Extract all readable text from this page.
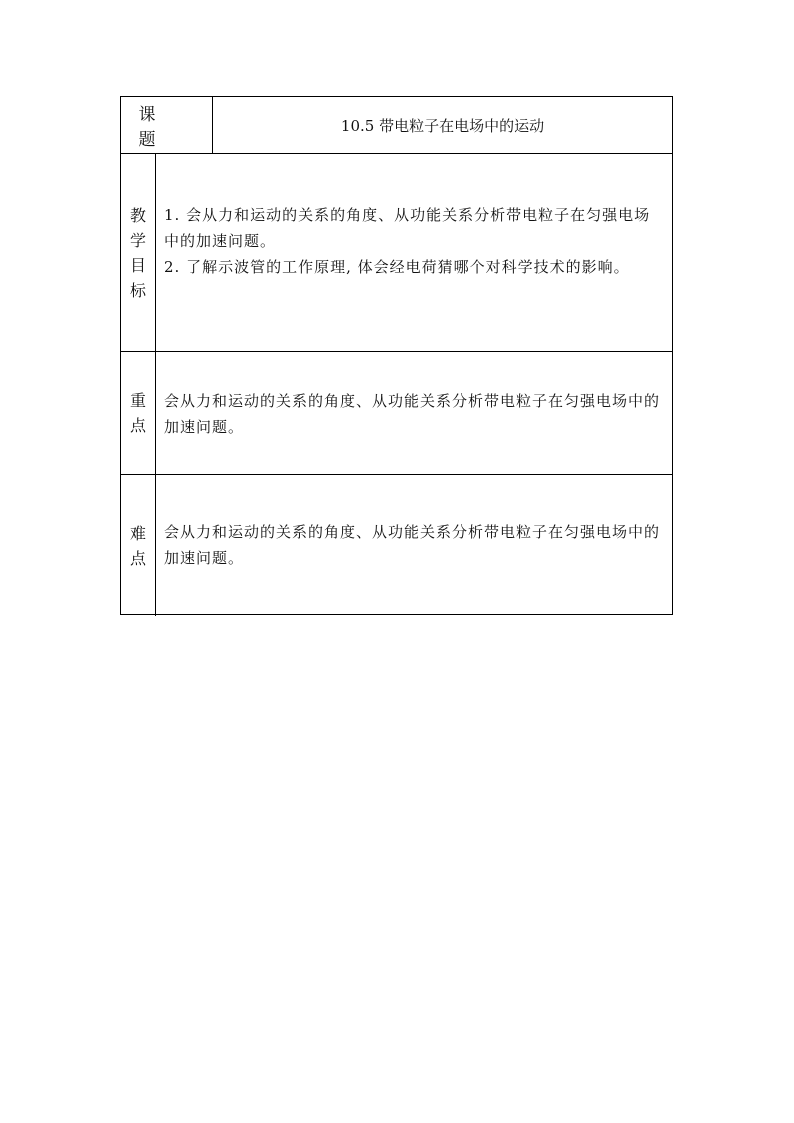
课　题
10.5 带电粒子在电场中的运动
教
学
目
标

1. 会从力和运动的关系的角度、从功能关系分析带电粒子在匀强电场中的加速问题。

2. 了解示波管的工作原理, 体会经电荷猜哪个对科学技术的影响。

重
点

会从力和运动的关系的角度、从功能关系分析带电粒子在匀强电场中的加速问题。

难
点

会从力和运动的关系的角度、从功能关系分析带电粒子在匀强电场中的加速问题。
